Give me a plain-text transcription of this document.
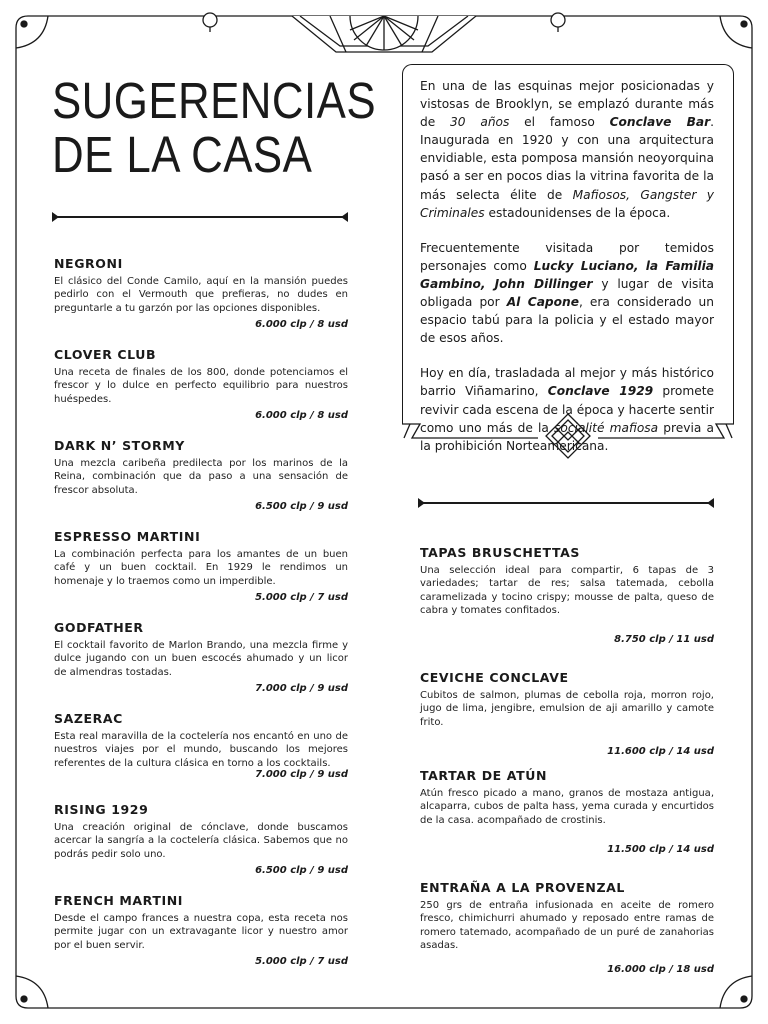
SUGERENCIAS
DE LA CASA

En una de las esquinas mejor posicionadas y vistosas de Brooklyn, se emplazó durante más de 30 años el famoso Conclave Bar. Inaugurada en 1920 y con una arquitectura envidiable, esta pomposa mansión neoyorquina pasó a ser en pocos dias la vitrina favorita de la más selecta élite de Mafiosos, Gangster y Criminales estadounidenses de la época.

Frecuentemente visitada por temidos personajes como Lucky Luciano, la Familia Gambino, John Dillinger y lugar de visita obligada por Al Capone, era considerado un espacio tabú para la policia y el estado mayor de esos años.

Hoy en día, trasladada al mejor y más histórico barrio Viñamarino, Conclave 1929 promete revivir cada escena de la época y hacerte sentir como uno más de la socialité mafiosa previa a la prohibición Norteamericana.

NEGRONI

El clásico del Conde Camilo, aquí en la mansión puedes pedirlo con el Vermouth que prefieras, no dudes en preguntarle a tu garzón por las opciones disponibles.

6.000 clp / 8 usd
CLOVER CLUB

Una receta de finales de los 800, donde potenciamos el frescor y lo dulce en perfecto equilibrio para nuestros huéspedes.

6.000 clp / 8 usd
DARK N’ STORMY

Una mezcla caribeña predilecta por los marinos de la Reina, combinación que da paso a una sensación de frescor absoluta.

6.500 clp / 9 usd
ESPRESSO MARTINI

La combinación perfecta para los amantes de un buen café y un buen cocktail. En 1929 le rendimos un homenaje y lo traemos como un imperdible.

5.000 clp / 7 usd
GODFATHER

El cocktail favorito de Marlon Brando, una mezcla firme y dulce jugando con un buen escocés ahumado y un licor de almendras tostadas.

7.000 clp / 9 usd
SAZERAC

Esta real maravilla de la coctelería nos encantó en uno de nuestros viajes por el mundo, buscando los mejores referentes de la cultura clásica en torno a los cocktails.

7.000 clp / 9 usd
RISING 1929

Una creación original de cónclave, donde buscamos acercar la sangría a la coctelería clásica. Sabemos que no podrás pedir solo uno.

6.500 clp / 9 usd
FRENCH MARTINI

Desde el campo frances a nuestra copa, esta receta nos permite jugar con un extravagante licor y nuestro amor por el buen servir.

5.000 clp / 7 usd
TAPAS BRUSCHETTAS

Una selección ideal para compartir, 6 tapas de 3 variedades; tartar de res; salsa tatemada, cebolla caramelizada y tocino crispy; mousse de palta, queso de cabra y tomates confitados.

8.750 clp / 11 usd
CEVICHE CONCLAVE

Cubitos de salmon, plumas de cebolla roja, morron rojo, jugo de lima, jengibre, emulsion de aji amarillo y camote frito.

11.600 clp / 14 usd
TARTAR DE ATÚN

Atún fresco picado a mano, granos de mostaza antigua, alcaparra, cubos de palta hass, yema curada y encurtidos de la casa. acompañado de crostinis.

11.500 clp / 14 usd
ENTRAÑA A LA PROVENZAL

250 grs de entraña infusionada en aceite de romero fresco, chimichurri ahumado y reposado entre ramas de romero tatemado, acompañado de un puré de zanahorias asadas.

16.000 clp / 18 usd
